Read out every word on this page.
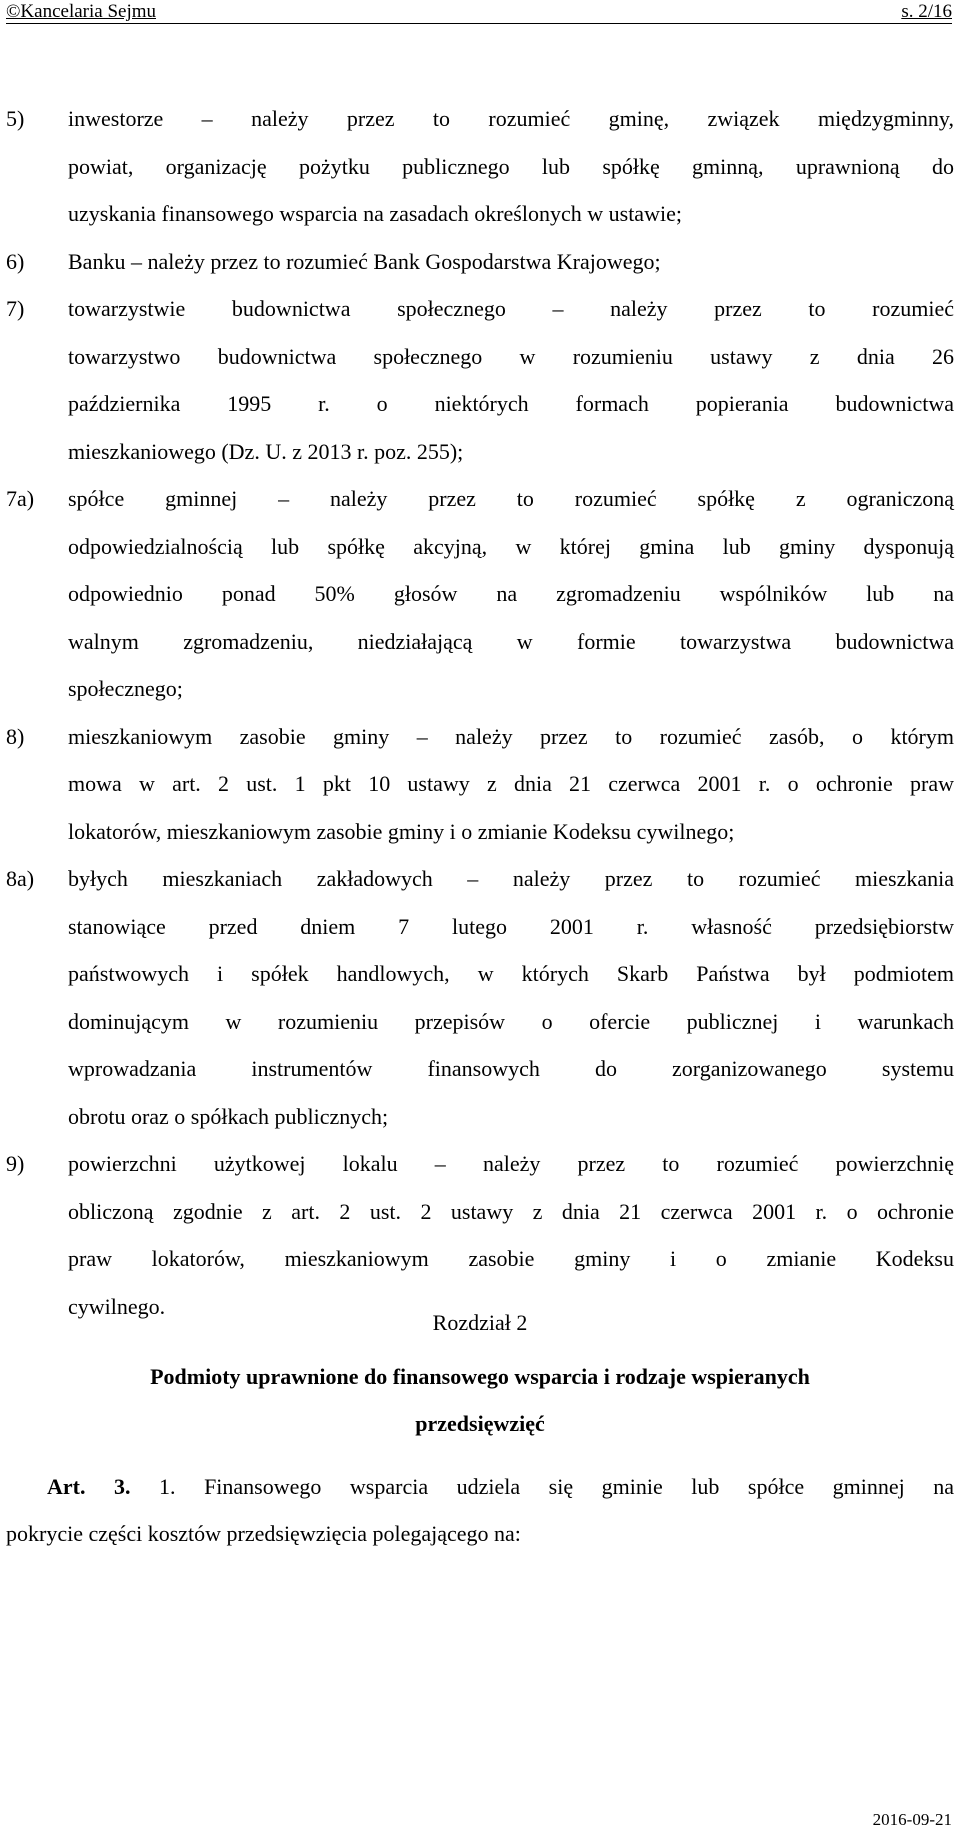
©Kancelaria Sejmu	s. 2/16
5) inwestorze – należy przez to rozumieć gminę, związek międzygminny,
powiat, organizację pożytku publicznego lub spółkę gminną, uprawnioną do
uzyskania finansowego wsparcia na zasadach określonych w ustawie;
6) Banku – należy przez to rozumieć Bank Gospodarstwa Krajowego;
7) towarzystwie budownictwa społecznego – należy przez to rozumieć
towarzystwo budownictwa społecznego w rozumieniu ustawy z dnia 26
października 1995 r. o niektórych formach popierania budownictwa
mieszkaniowego (Dz. U. z 2013 r. poz. 255);
7a) spółce gminnej – należy przez to rozumieć spółkę z ograniczoną
odpowiedzialnością lub spółkę akcyjną, w której gmina lub gminy dysponują
odpowiednio ponad 50% głosów na zgromadzeniu wspólników lub na
walnym zgromadzeniu, niedziałającą w formie towarzystwa budownictwa
społecznego;
8) mieszkaniowym zasobie gminy – należy przez to rozumieć zasób, o którym
mowa w art. 2 ust. 1 pkt 10 ustawy z dnia 21 czerwca 2001 r. o ochronie praw
lokatorów, mieszkaniowym zasobie gminy i o zmianie Kodeksu cywilnego;
8a) byłych mieszkaniach zakładowych – należy przez to rozumieć mieszkania
stanowiące przed dniem 7 lutego 2001 r. własność przedsiębiorstw
państwowych i spółek handlowych, w których Skarb Państwa był podmiotem
dominującym w rozumieniu przepisów o ofercie publicznej i warunkach
wprowadzania instrumentów finansowych do zorganizowanego systemu
obrotu oraz o spółkach publicznych;
9) powierzchni użytkowej lokalu – należy przez to rozumieć powierzchnię
obliczoną zgodnie z art. 2 ust. 2 ustawy z dnia 21 czerwca 2001 r. o ochronie
praw lokatorów, mieszkaniowym zasobie gminy i o zmianie Kodeksu
cywilnego.
Rozdział 2
Podmioty uprawnione do finansowego wsparcia i rodzaje wspieranych
przedsięwzięć
Art. 3. 1. Finansowego wsparcia udziela się gminie lub spółce gminnej na
pokrycie części kosztów przedsięwzięcia polegającego na:
2016-09-21
